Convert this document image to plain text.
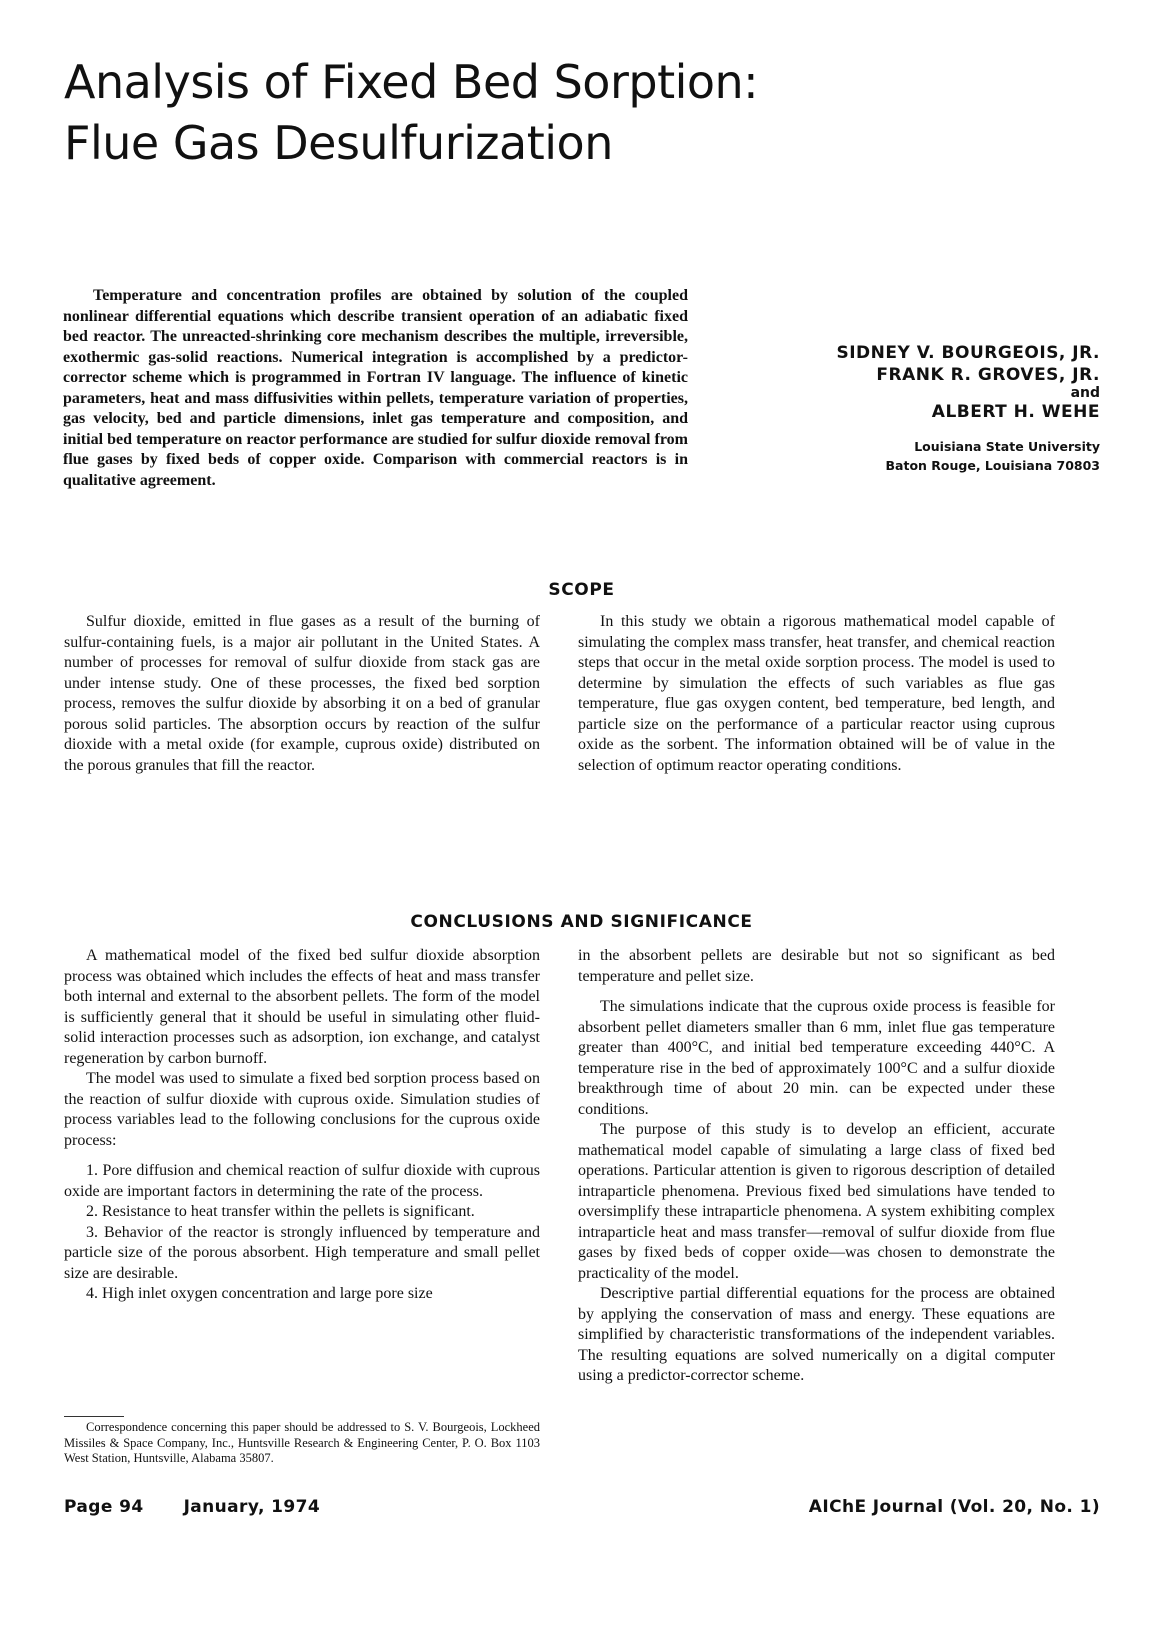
Analysis of Fixed Bed Sorption:
Flue Gas Desulfurization

Temperature and concentration profiles are obtained by solution of the coupled nonlinear differential equations which describe transient operation of an adiabatic fixed bed reactor. The unreacted-shrinking core mechanism describes the multiple, irreversible, exothermic gas-solid reactions. Numerical integration is accomplished by a predictor-corrector scheme which is programmed in Fortran IV language. The influence of kinetic parameters, heat and mass diffusivities within pellets, temperature variation of properties, gas velocity, bed and particle dimensions, inlet gas temperature and composition, and initial bed temperature on reactor performance are studied for sulfur dioxide removal from flue gases by fixed beds of copper oxide. Comparison with commercial reactors is in qualitative agreement.

SIDNEY V. BOURGEOIS, JR.
FRANK R. GROVES, JR.
and
ALBERT H. WEHE
Louisiana State University
Baton Rouge, Louisiana 70803
SCOPE

Sulfur dioxide, emitted in flue gases as a result of the burning of sulfur-containing fuels, is a major air pollutant in the United States. A number of processes for removal of sulfur dioxide from stack gas are under intense study. One of these processes, the fixed bed sorption process, removes the sulfur dioxide by absorbing it on a bed of granular porous solid particles. The absorption occurs by reaction of the sulfur dioxide with a metal oxide (for example, cuprous oxide) distributed on the porous granules that fill the reactor.

In this study we obtain a rigorous mathematical model capable of simulating the complex mass transfer, heat transfer, and chemical reaction steps that occur in the metal oxide sorption process. The model is used to determine by simulation the effects of such variables as flue gas temperature, flue gas oxygen content, bed temperature, bed length, and particle size on the performance of a particular reactor using cuprous oxide as the sorbent. The information obtained will be of value in the selection of optimum reactor operating conditions.

CONCLUSIONS AND SIGNIFICANCE

A mathematical model of the fixed bed sulfur dioxide absorption process was obtained which includes the effects of heat and mass transfer both internal and external to the absorbent pellets. The form of the model is sufficiently general that it should be useful in simulating other fluid-solid interaction processes such as adsorption, ion exchange, and catalyst regeneration by carbon burnoff.

The model was used to simulate a fixed bed sorption process based on the reaction of sulfur dioxide with cuprous oxide. Simulation studies of process variables lead to the following conclusions for the cuprous oxide process:

1. Pore diffusion and chemical reaction of sulfur dioxide with cuprous oxide are important factors in determining the rate of the process.

2. Resistance to heat transfer within the pellets is significant.

3. Behavior of the reactor is strongly influenced by temperature and particle size of the porous absorbent. High temperature and small pellet size are desirable.

4. High inlet oxygen concentration and large pore size

in the absorbent pellets are desirable but not so significant as bed temperature and pellet size.

The simulations indicate that the cuprous oxide process is feasible for absorbent pellet diameters smaller than 6 mm, inlet flue gas temperature greater than 400°C, and initial bed temperature exceeding 440°C. A temperature rise in the bed of approximately 100°C and a sulfur dioxide breakthrough time of about 20 min. can be expected under these conditions.

The purpose of this study is to develop an efficient, accurate mathematical model capable of simulating a large class of fixed bed operations. Particular attention is given to rigorous description of detailed intraparticle phenomena. Previous fixed bed simulations have tended to oversimplify these intraparticle phenomena. A system exhibiting complex intraparticle heat and mass transfer—removal of sulfur dioxide from flue gases by fixed beds of copper oxide—was chosen to demonstrate the practicality of the model.

Descriptive partial differential equations for the process are obtained by applying the conservation of mass and energy. These equations are simplified by characteristic transformations of the independent variables. The resulting equations are solved numerically on a digital computer using a predictor-corrector scheme.

Correspondence concerning this paper should be addressed to S. V. Bourgeois, Lockheed Missiles & Space Company, Inc., Huntsville Research & Engineering Center, P. O. Box 1103 West Station, Huntsville, Alabama 35807.

Page 94 January, 1974	AIChE Journal (Vol. 20, No. 1)
